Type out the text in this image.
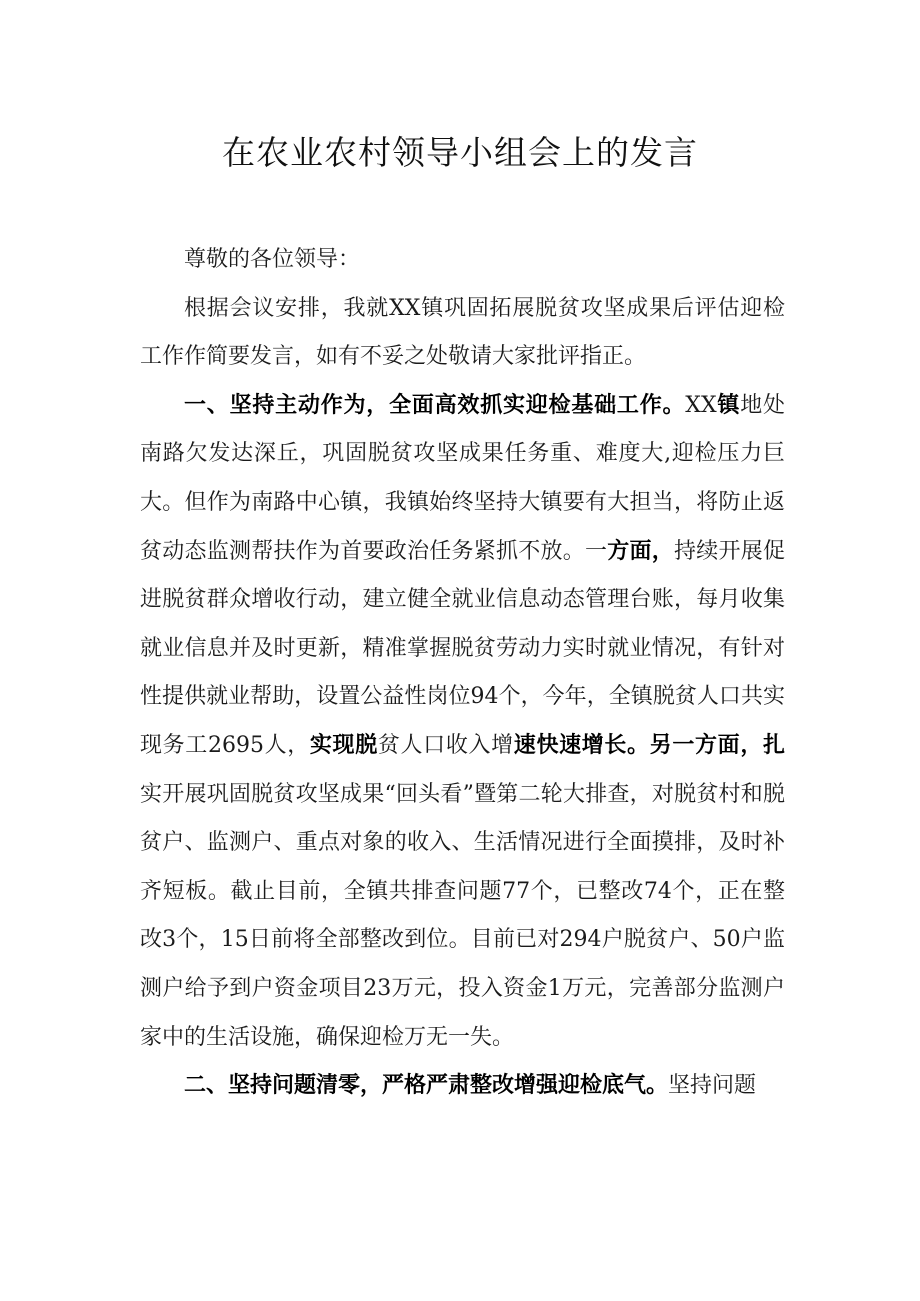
在农业农村领导小组会上的发言

尊敬的各位领导：

根据会议安排，我就XX镇巩固拓展脱贫攻坚成果后评估迎检工作作简要发言，如有不妥之处敬请大家批评指正。

一、坚持主动作为，全面高效抓实迎检基础工作。XX镇地处南路欠发达深丘，巩固脱贫攻坚成果任务重、难度大,迎检压力巨大。但作为南路中心镇，我镇始终坚持大镇要有大担当，将防止返贫动态监测帮扶作为首要政治任务紧抓不放。一方面，持续开展促进脱贫群众增收行动，建立健全就业信息动态管理台账，每月收集就业信息并及时更新，精准掌握脱贫劳动力实时就业情况，有针对性提供就业帮助，设置公益性岗位94个，今年，全镇脱贫人口共实现务工2695人，实现脱贫人口收入增速快速增长。另一方面，扎实开展巩固脱贫攻坚成果“回头看”暨第二轮大排查，对脱贫村和脱贫户、监测户、重点对象的收入、生活情况进行全面摸排，及时补齐短板。截止目前，全镇共排查问题77个，已整改74个，正在整改3个，15日前将全部整改到位。目前已对294户脱贫户、50户监测户给予到户资金项目23万元，投入资金1万元，完善部分监测户家中的生活设施，确保迎检万无一失。

二、坚持问题清零，严格严肃整改增强迎检底气。坚持问题
